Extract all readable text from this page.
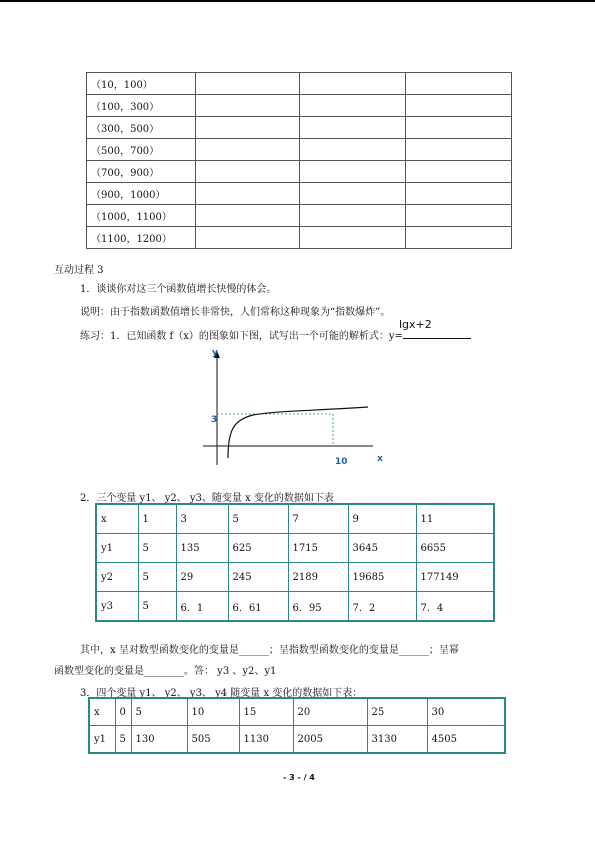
（10，100）			
（100，300）			
（300，500）			
（500，700）			
（700，900）			
（900，1000）			
（1000，1100）			
（1100，1200）			
互动过程 3
1．谈谈你对这三个函数值增长快慢的体会。
说明：由于指数函数值增长非常快，人们常称这种现象为“指数爆炸”。
练习：1．已知函数 f（x）的图象如下图，试写出一个可能的解析式：y=
lgx+2
y
3
10	x
2．三个变量 y1、 y2、 y3、随变量 x 变化的数据如下表
x	1	3	5	7	9	11
y1	5	135	625	1715	3645	6655
y2	5	29	245	2189	19685	177149
y3	5	6．1	6．61	6．95	7．2	7．4
其中，x 呈对数型函数变化的变量是______；呈指数型函数变化的变量是______；呈幂
函数型变化的变量是________。答： y3 、y2、y1
3．四个变量 y1、 y2、 y3、 y4 随变量 x 变化的数据如下表：
x	0	5	10	15	20	25	30
y1	5	130	505	1130	2005	3130	4505
- 3 - / 4
